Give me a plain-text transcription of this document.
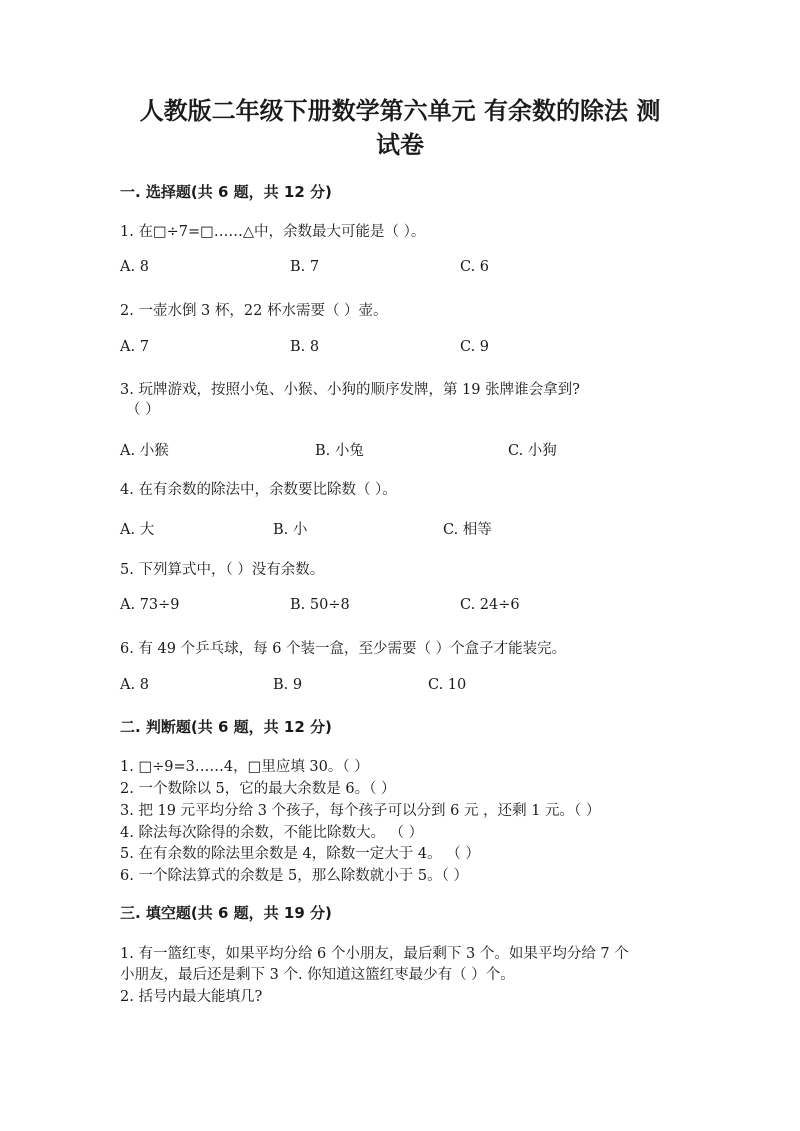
人教版二年级下册数学第六单元 有余数的除法 测
试卷
一. 选择题(共 6 题，共 12 分)
1. 在□÷7=□……△中，余数最大可能是（ ）。
A. 8	B. 7	C. 6
2. 一壶水倒 3 杯，22 杯水需要（ ）壶。
A. 7	B. 8	C. 9
3. 玩牌游戏，按照小兔、小猴、小狗的顺序发牌，第 19 张牌谁会拿到?
（ ）
A. 小猴	B. 小兔	C. 小狗
4. 在有余数的除法中，余数要比除数（ ）。
A. 大	B. 小	C. 相等
5. 下列算式中，（ ）没有余数。
A. 73÷9	B. 50÷8	C. 24÷6
6. 有 49 个乒乓球，每 6 个装一盒，至少需要（ ）个盒子才能装完。
A. 8	B. 9	C. 10
二. 判断题(共 6 题，共 12 分)
1. □÷9=3……4，□里应填 30。（ ）
2. 一个数除以 5，它的最大余数是 6。（ ）
3. 把 19 元平均分给 3 个孩子，每个孩子可以分到 6 元 ，还剩 1 元。（ ）
4. 除法每次除得的余数，不能比除数大。 （ ）
5. 在有余数的除法里余数是 4，除数一定大于 4。 （ ）
6. 一个除法算式的余数是 5，那么除数就小于 5。（ ）
三. 填空题(共 6 题，共 19 分)
1. 有一篮红枣，如果平均分给 6 个小朋友，最后剩下 3 个。如果平均分给 7 个
小朋友，最后还是剩下 3 个. 你知道这篮红枣最少有（ ）个。
2. 括号内最大能填几?
